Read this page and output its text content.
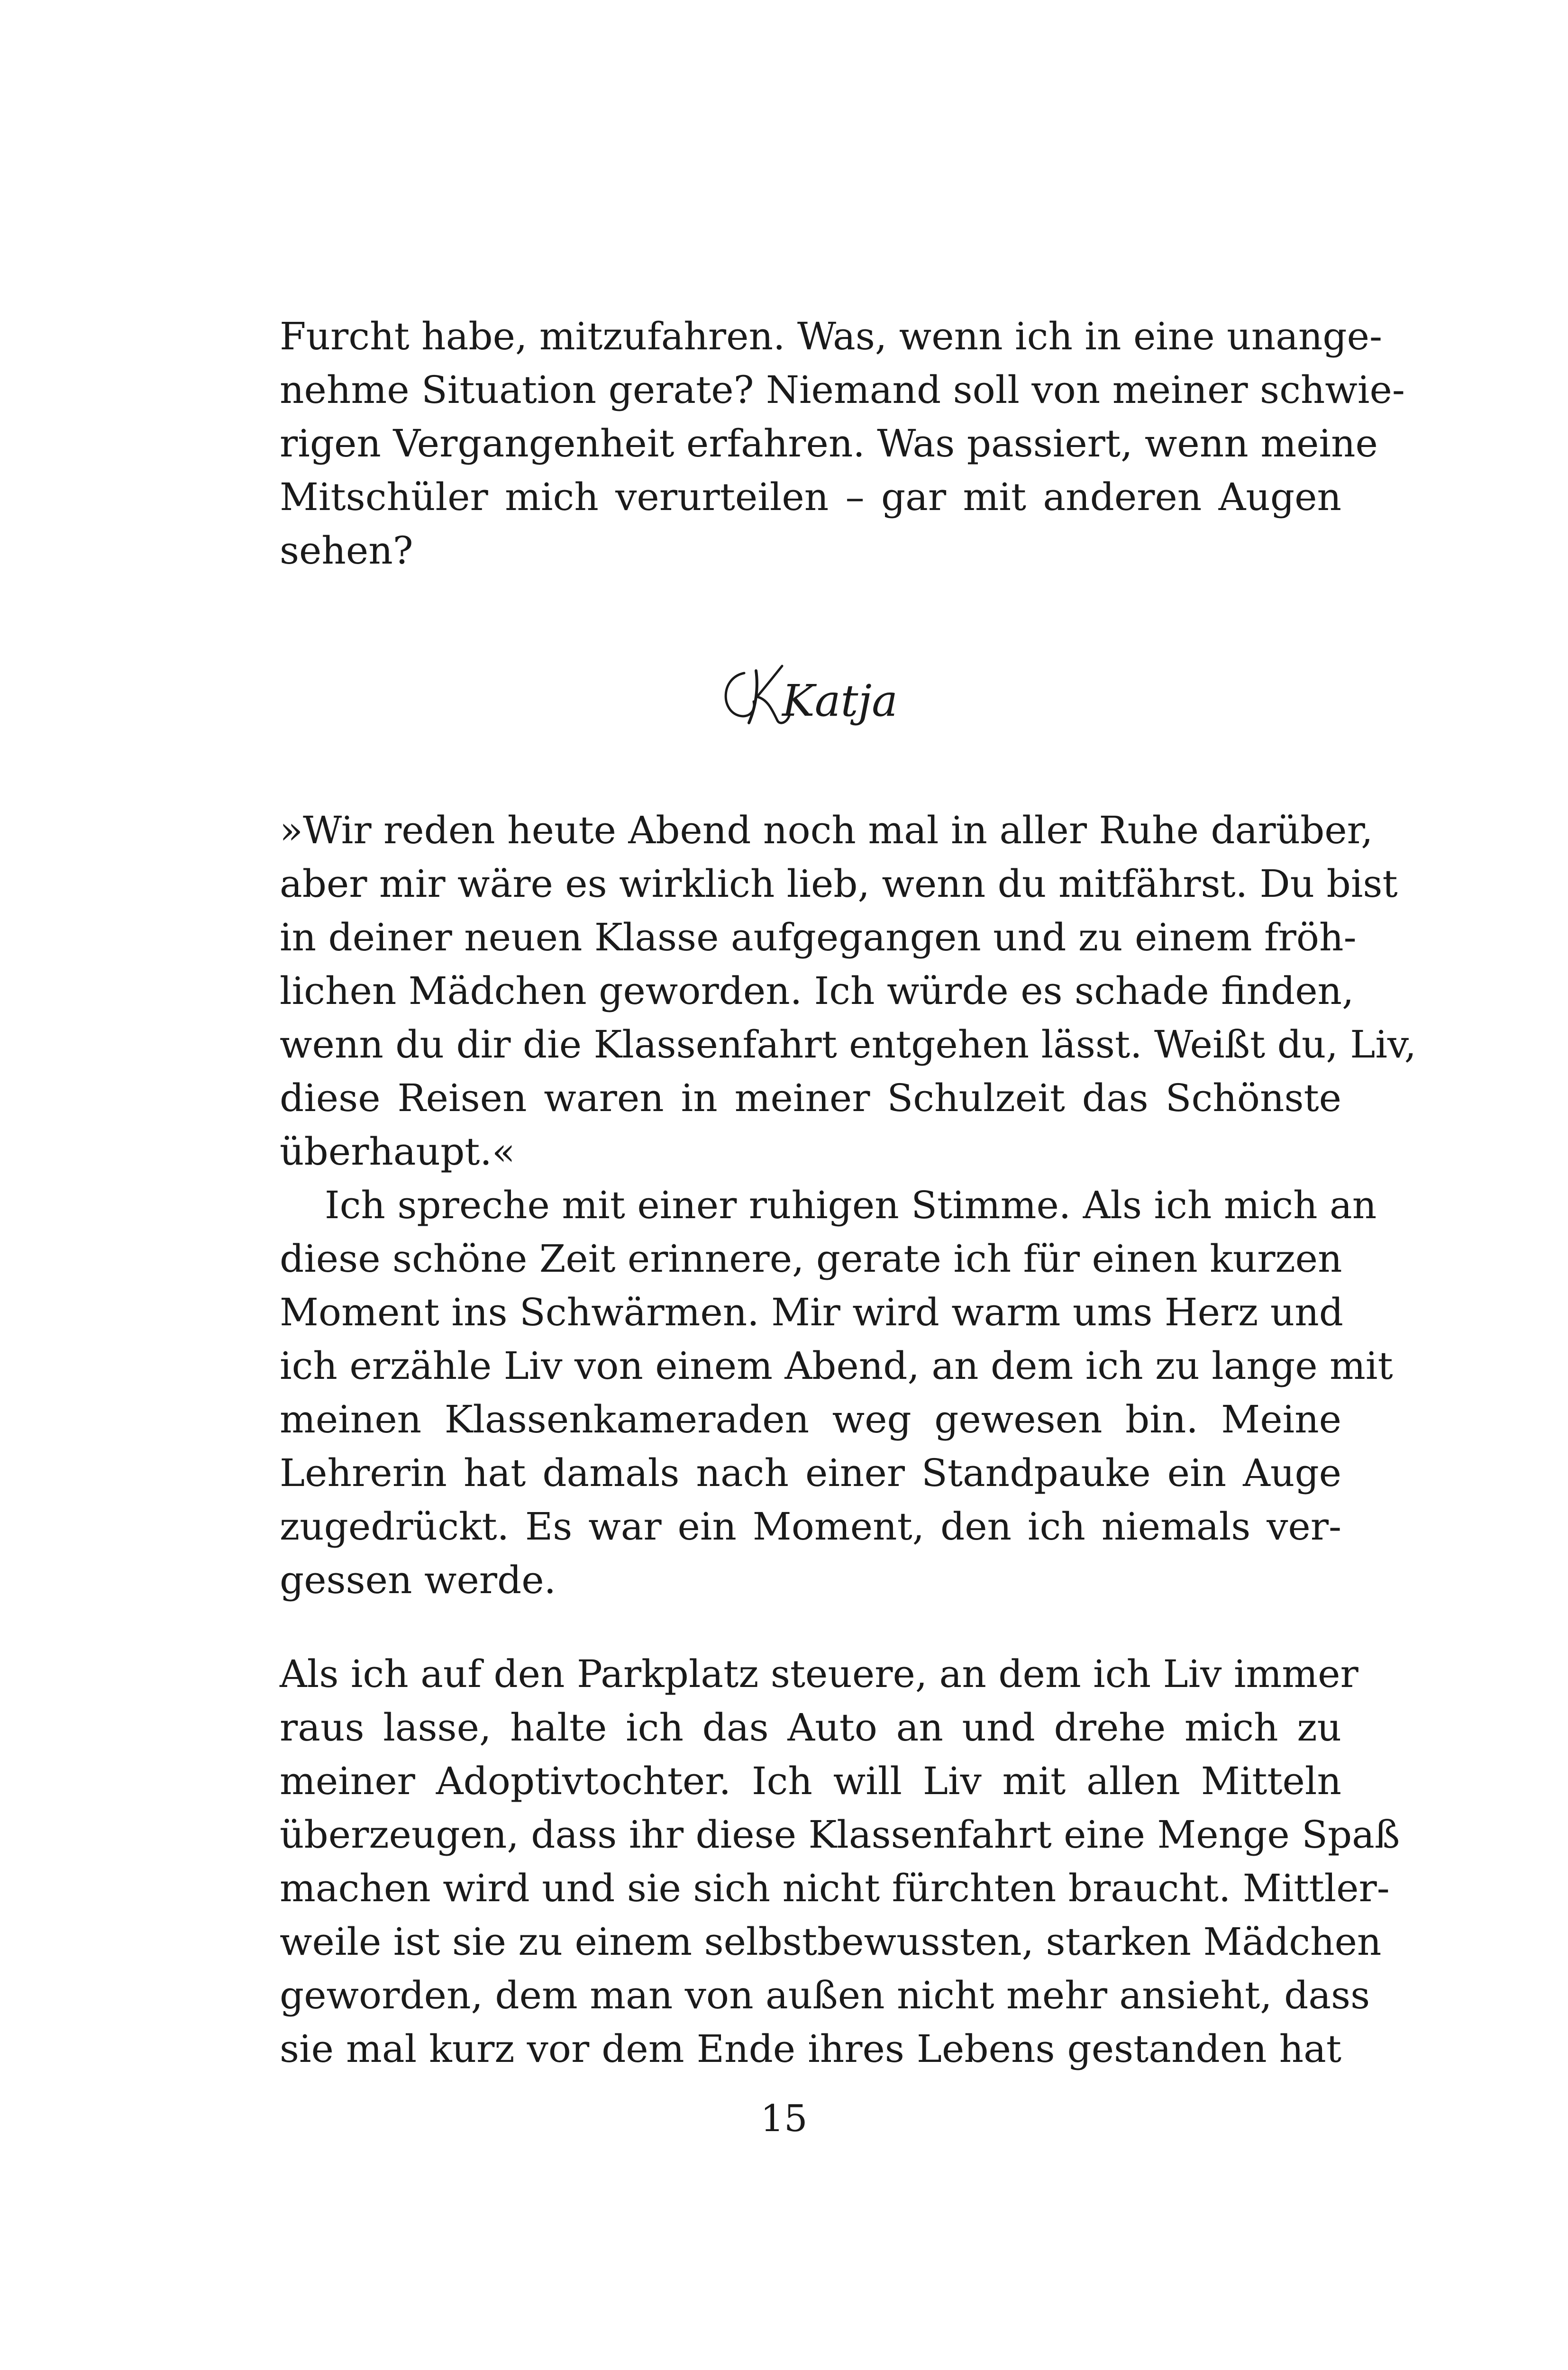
Furcht habe, mitzufahren. Was, wenn ich in eine unange-
nehme Situation gerate? Niemand soll von meiner schwie-
rigen Vergangenheit erfahren. Was passiert, wenn meine
Mitschüler mich verurteilen – gar mit anderen Augen
sehen?
Katja
»Wir reden heute Abend noch mal in aller Ruhe darüber,
aber mir wäre es wirklich lieb, wenn du mitfährst. Du bist
in deiner neuen Klasse aufgegangen und zu einem fröh-
lichen Mädchen geworden. Ich würde es schade finden,
wenn du dir die Klassenfahrt entgehen lässt. Weißt du, Liv,
diese Reisen waren in meiner Schulzeit das Schönste
überhaupt.«
Ich spreche mit einer ruhigen Stimme. Als ich mich an
diese schöne Zeit erinnere, gerate ich für einen kurzen
Moment ins Schwärmen. Mir wird warm ums Herz und
ich erzähle Liv von einem Abend, an dem ich zu lange mit
meinen Klassenkameraden weg gewesen bin. Meine
Lehrerin hat damals nach einer Standpauke ein Auge
zugedrückt. Es war ein Moment, den ich niemals ver-
gessen werde.
Als ich auf den Parkplatz steuere, an dem ich Liv immer
raus lasse, halte ich das Auto an und drehe mich zu
meiner Adoptivtochter. Ich will Liv mit allen Mitteln
überzeugen, dass ihr diese Klassenfahrt eine Menge Spaß
machen wird und sie sich nicht fürchten braucht. Mittler-
weile ist sie zu einem selbstbewussten, starken Mädchen
geworden, dem man von außen nicht mehr ansieht, dass
sie mal kurz vor dem Ende ihres Lebens gestanden hat
15
